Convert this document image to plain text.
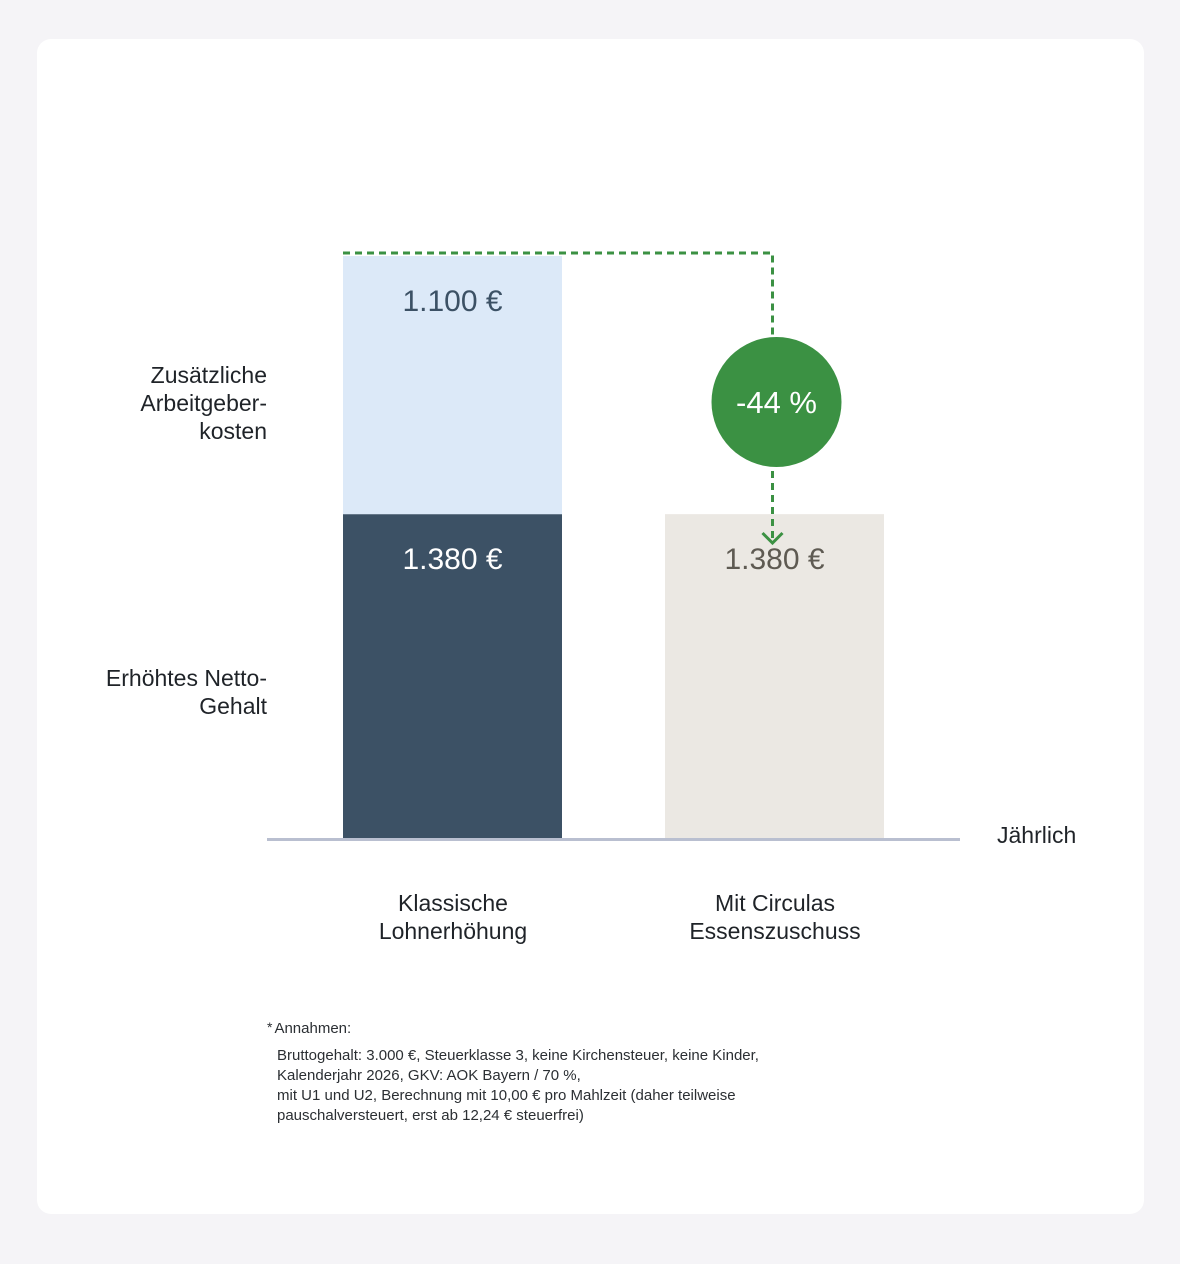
1.380 €
1.100 €
1.380 €
-44 %
Zusätzliche
Arbeitgeber-
kosten
Erhöhtes Netto-
Gehalt
Jährlich
Klassische
Lohnerhöhung
Mit Circulas
Essenszuschuss
* Annahmen:
Bruttogehalt: 3.000 €, Steuerklasse 3, keine Kirchensteuer, keine Kinder,
Kalenderjahr 2026, GKV: AOK Bayern / 70 %,
mit U1 und U2, Berechnung mit 10,00 € pro Mahlzeit (daher teilweise
pauschalversteuert, erst ab 12,24 € steuerfrei)
